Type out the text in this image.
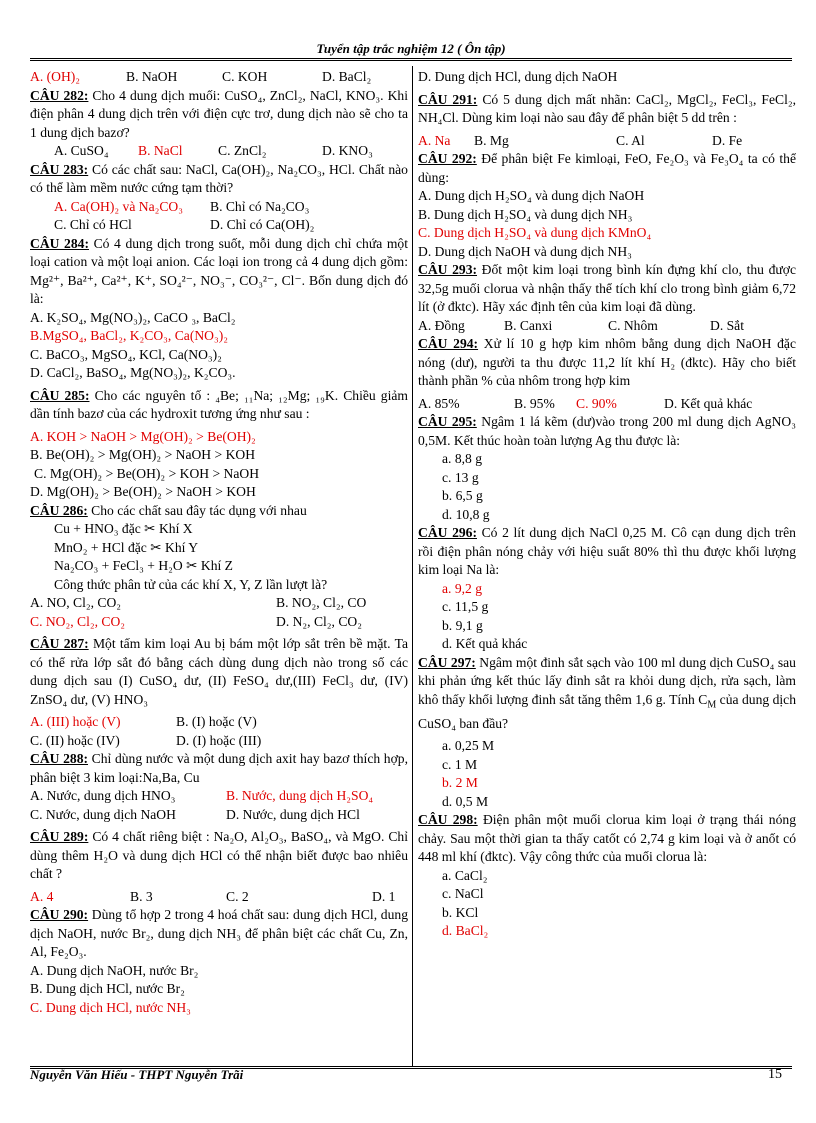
Tuyển tập trắc nghiệm 12 ( Ôn tập)
A. (OH)₂	B. NaOH	C. KOH	D. BaCl₂

CÂU 282: Cho 4 dung dịch muối: CuSO₄, ZnCl₂, NaCl, KNO₃. Khi điện phân 4 dung dịch trên với điện cực trơ, dung dịch nào sẽ cho ta 1 dung dịch bazơ?

A. CuSO₄	B. NaCl	C. ZnCl₂	D. KNO₃

CÂU 283: Có các chất sau: NaCl, Ca(OH)₂, Na₂CO₃, HCl. Chất nào có thể làm mềm nước cứng tạm thời?

A. Ca(OH)₂ và Na₂CO₃	B. Chỉ có Na₂CO₃
C. Chỉ có HCl	D. Chỉ có Ca(OH)₂

CÂU 284: Có 4 dung dịch trong suốt, mỗi dung dịch chỉ chứa một loại cation và một loại anion. Các loại ion trong cả 4 dung dịch gồm: Mg²⁺, Ba²⁺, Ca²⁺, K⁺, SO₄²⁻, NO₃⁻, CO₃²⁻, Cl⁻. Bốn dung dịch đó là:

A. K₂SO₄, Mg(NO₃)₂, CaCO ₃, BaCl₂

B.MgSO₄, BaCl₂, K₂CO₃, Ca(NO₃)₂

C. BaCO₃, MgSO₄, KCl, Ca(NO₃)₂

D. CaCl₂, BaSO₄, Mg(NO₃)₂, K₂CO₃.

CÂU 285: Cho các nguyên tố : ₄Be; ₁₁Na; ₁₂Mg; ₁₉K. Chiều giảm dần tính bazơ của các hydroxit tương ứng như sau :

A. KOH > NaOH > Mg(OH)₂ > Be(OH)₂

B. Be(OH)₂ > Mg(OH)₂ > NaOH > KOH

C. Mg(OH)₂ > Be(OH)₂ > KOH > NaOH

D. Mg(OH)₂ > Be(OH)₂ > NaOH > KOH

CÂU 286: Cho các chất sau đây tác dụng với nhau

Cu + HNO₃ đặc ✂ Khí X

MnO₂ + HCl đặc ✂ Khí Y

Na₂CO₃ + FeCl₃ + H₂O ✂ Khí Z

Công thức phân tử của các khí X, Y, Z lần lượt là?

A. NO, Cl₂, CO₂	B. NO₂, Cl₂, CO
C. NO₂, Cl₂, CO₂	D. N₂, Cl₂, CO₂

CÂU 287: Một tấm kim loại Au bị bám một lớp sắt trên bề mặt. Ta có thể rửa lớp sắt đó bằng cách dùng dung dịch nào trong số các dung dịch sau (I) CuSO₄ dư, (II) FeSO₄ dư,(III) FeCl₃ dư, (IV) ZnSO₄ dư, (V) HNO₃

A. (III) hoặc (V)	B. (I) hoặc (V)
C. (II) hoặc (IV)	D. (I) hoặc (III)

CÂU 288: Chỉ dùng nước và một dung dịch axit hay bazơ thích hợp, phân biệt 3 kim loại:Na,Ba, Cu

A. Nước, dung dịch HNO₃	B. Nước, dung dịch H₂SO₄
C. Nước, dung dịch NaOH	D. Nước, dung dịch HCl

CÂU 289: Có 4 chất riêng biệt : Na₂O, Al₂O₃, BaSO₄, và MgO. Chỉ dùng thêm H₂O và dung dịch HCl có thể nhận biết được bao nhiêu chất ?

A. 4	B. 3	C. 2	D. 1

CÂU 290: Dùng tổ hợp 2 trong 4 hoá chất sau: dung dịch HCl, dung dịch NaOH, nước Br₂, dung dịch NH₃ để phân biệt các chất Cu, Zn, Al, Fe₂O₃.

A. Dung dịch NaOH, nước Br₂

B. Dung dịch HCl, nước Br₂

C. Dung dịch HCl, nước NH₃

D. Dung dịch HCl, dung dịch NaOH

CÂU 291: Có 5 dung dịch mất nhãn: CaCl₂, MgCl₂, FeCl₃, FeCl₂, NH₄Cl. Dùng kim loại nào sau đây để phân biệt 5 dd trên :

A. Na	B. Mg	C. Al	D. Fe

CÂU 292: Để phân biệt Fe kimloại, FeO, Fe₂O₃ và Fe₃O₄ ta có thể dùng:

A. Dung dịch H₂SO₄ và dung dịch NaOH

B. Dung dịch H₂SO₄ và dung dịch NH₃

C. Dung dịch H₂SO₄ và dung dịch KMnO₄

D. Dung dịch NaOH và dung dịch NH₃

CÂU 293: Đốt một kim loại trong bình kín đựng khí clo, thu được 32,5g muối clorua và nhận thấy thể tích khí clo trong bình giảm 6,72 lít (ở đktc). Hãy xác định tên của kim loại đã dùng.

A. Đồng	B. Canxi	C. Nhôm	D. Sắt

CÂU 294: Xử lí 10 g hợp kim nhôm bằng dung dịch NaOH đặc nóng (dư), người ta thu được 11,2 lít khí H₂ (đktc). Hãy cho biết thành phần % của nhôm trong hợp kim

A. 85%	B. 95%	C. 90%	D. Kết quả khác

CÂU 295: Ngâm 1 lá kẽm (dư)vào trong 200 ml dung dịch AgNO₃ 0,5M. Kết thúc hoàn toàn lượng Ag thu được là:

a. 8,8 g

c. 13 g

b. 6,5 g

d. 10,8 g

CÂU 296: Có 2 lít dung dịch NaCl 0,25 M. Cô cạn dung dịch trên rồi điện phân nóng chảy với hiệu suất 80% thì thu được khối lượng kim loại Na là:

a. 9,2 g

c. 11,5 g

b. 9,1 g

d. Kết quả khác

CÂU 297: Ngâm một đinh sắt sạch vào 100 ml dung dịch CuSO₄ sau khi phản ứng kết thúc lấy đinh sắt ra khỏi dung dịch, rửa sạch, làm khô thấy khối lượng đinh sắt tăng thêm 1,6 g. Tính $C_M$ của dung dịch CuSO₄ ban đầu?

a. 0,25 M

c. 1 M

b. 2 M

d. 0,5 M

CÂU 298: Điện phân một muối clorua kim loại ở trạng thái nóng chảy. Sau một thời gian ta thấy catốt có 2,74 g kim loại và ở anốt có 448 ml khí (đktc). Vậy công thức của muối clorua là:

a. CaCl₂

c. NaCl

b. KCl

d. BaCl₂

Nguyễn Văn Hiếu - THPT Nguyễn Trãi	15
